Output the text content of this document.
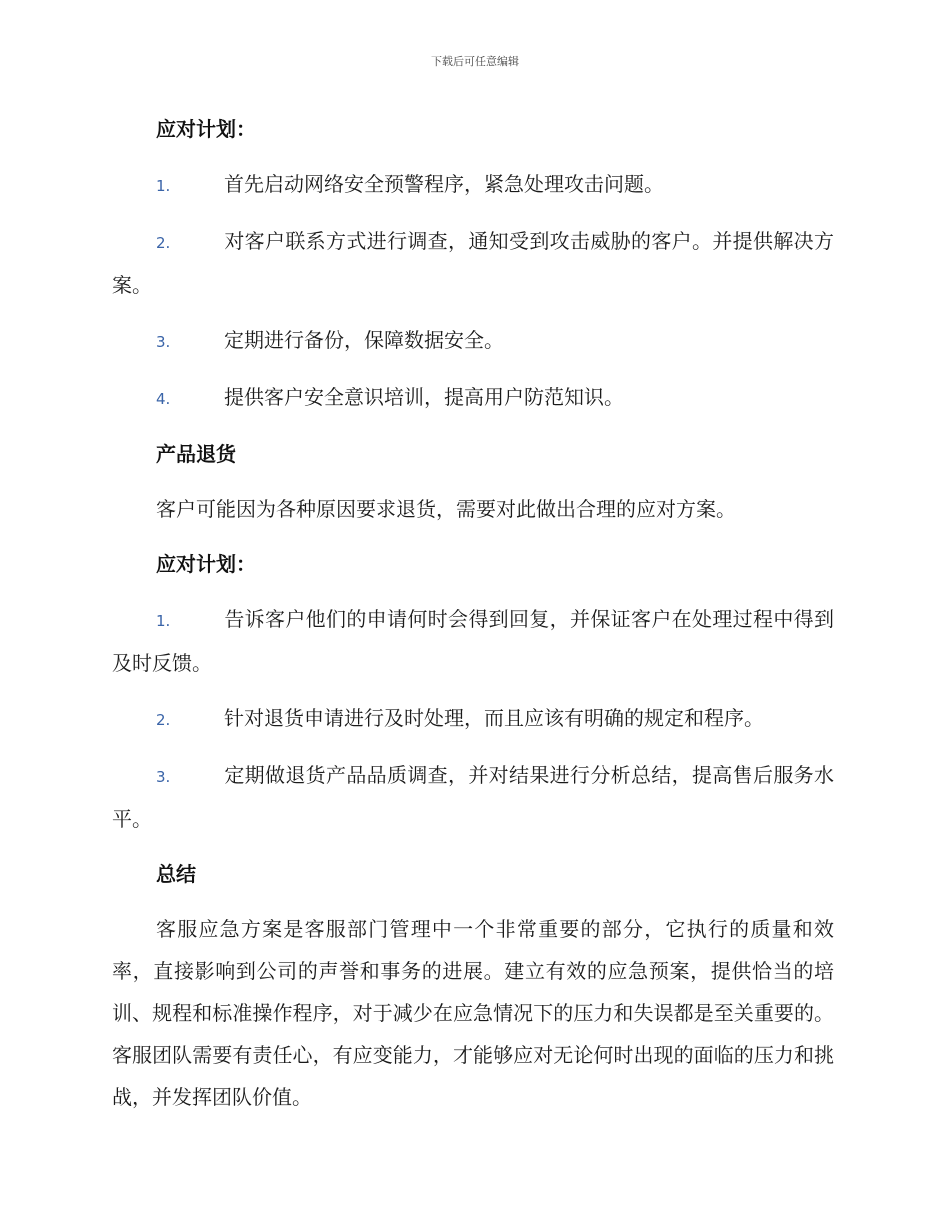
下载后可任意编辑
应对计划：
1.	首先启动网络安全预警程序，紧急处理攻击问题。
2.	对客户联系方式进行调查，通知受到攻击威胁的客户。并提供解决方案。
3.	定期进行备份，保障数据安全。
4.	提供客户安全意识培训，提高用户防范知识。
产品退货
客户可能因为各种原因要求退货，需要对此做出合理的应对方案。
应对计划：
1.	告诉客户他们的申请何时会得到回复，并保证客户在处理过程中得到及时反馈。
2.	针对退货申请进行及时处理，而且应该有明确的规定和程序。
3.	定期做退货产品品质调查，并对结果进行分析总结，提高售后服务水平。
总结
客服应急方案是客服部门管理中一个非常重要的部分，它执行的质量和效率，直接影响到公司的声誉和事务的进展。建立有效的应急预案，提供恰当的培训、规程和标准操作程序，对于减少在应急情况下的压力和失误都是至关重要的。客服团队需要有责任心，有应变能力，才能够应对无论何时出现的面临的压力和挑战，并发挥团队价值。
